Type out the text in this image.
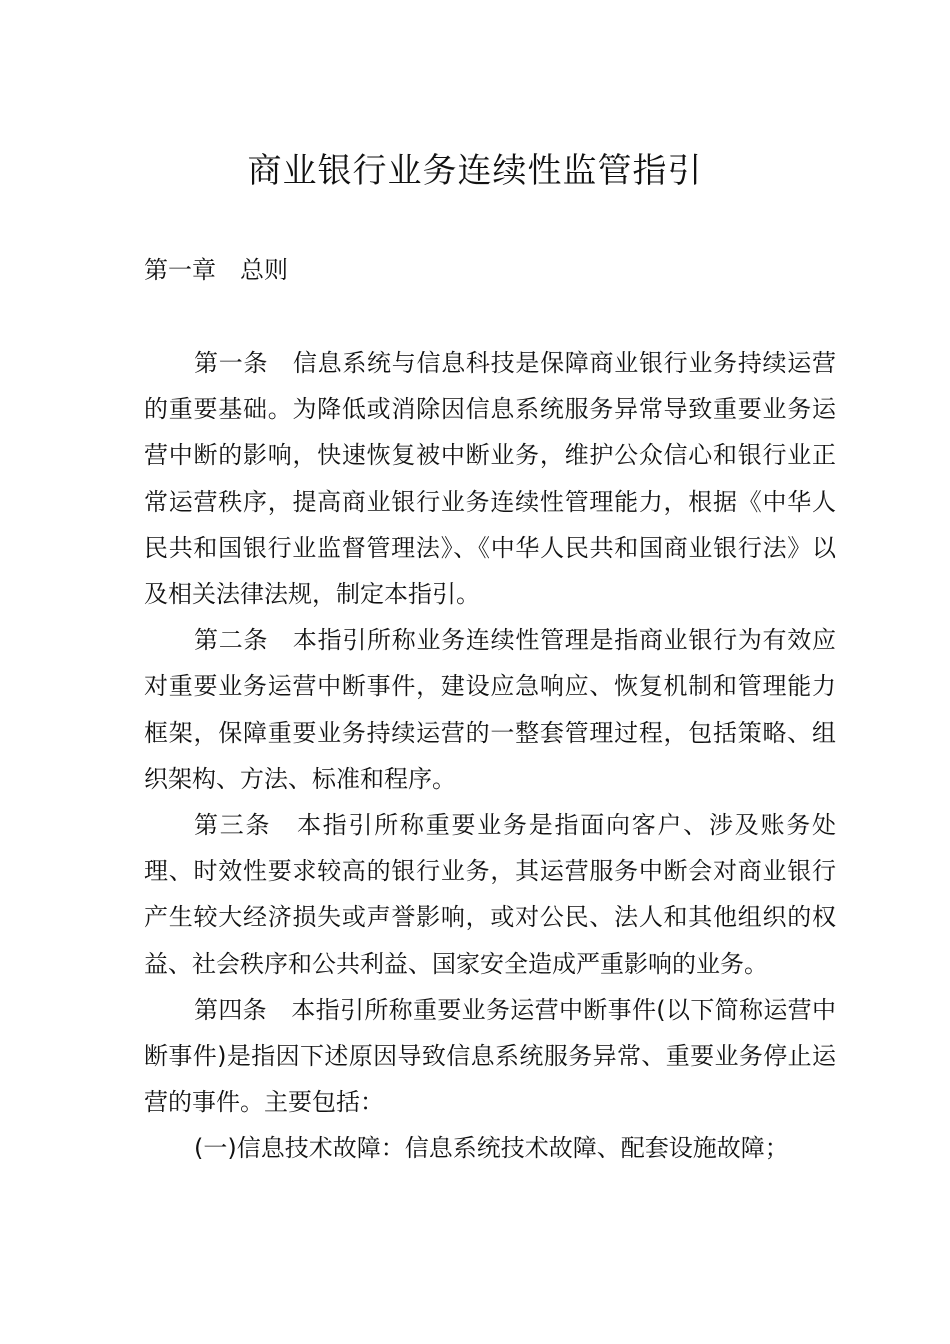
商业银行业务连续性监管指引
第一章　总则

第一条　信息系统与信息科技是保障商业银行业务持续运营的重要基础。为降低或消除因信息系统服务异常导致重要业务运营中断的影响，快速恢复被中断业务，维护公众信心和银行业正常运营秩序，提高商业银行业务连续性管理能力，根据《中华人民共和国银行业监督管理法》、《中华人民共和国商业银行法》以及相关法律法规，制定本指引。

第二条　本指引所称业务连续性管理是指商业银行为有效应对重要业务运营中断事件，建设应急响应、恢复机制和管理能力框架，保障重要业务持续运营的一整套管理过程，包括策略、组织架构、方法、标准和程序。

第三条　本指引所称重要业务是指面向客户、涉及账务处理、时效性要求较高的银行业务，其运营服务中断会对商业银行产生较大经济损失或声誉影响，或对公民、法人和其他组织的权益、社会秩序和公共利益、国家安全造成严重影响的业务。

第四条　本指引所称重要业务运营中断事件(以下简称运营中断事件)是指因下述原因导致信息系统服务异常、重要业务停止运营的事件。主要包括：

(一)信息技术故障：信息系统技术故障、配套设施故障；
